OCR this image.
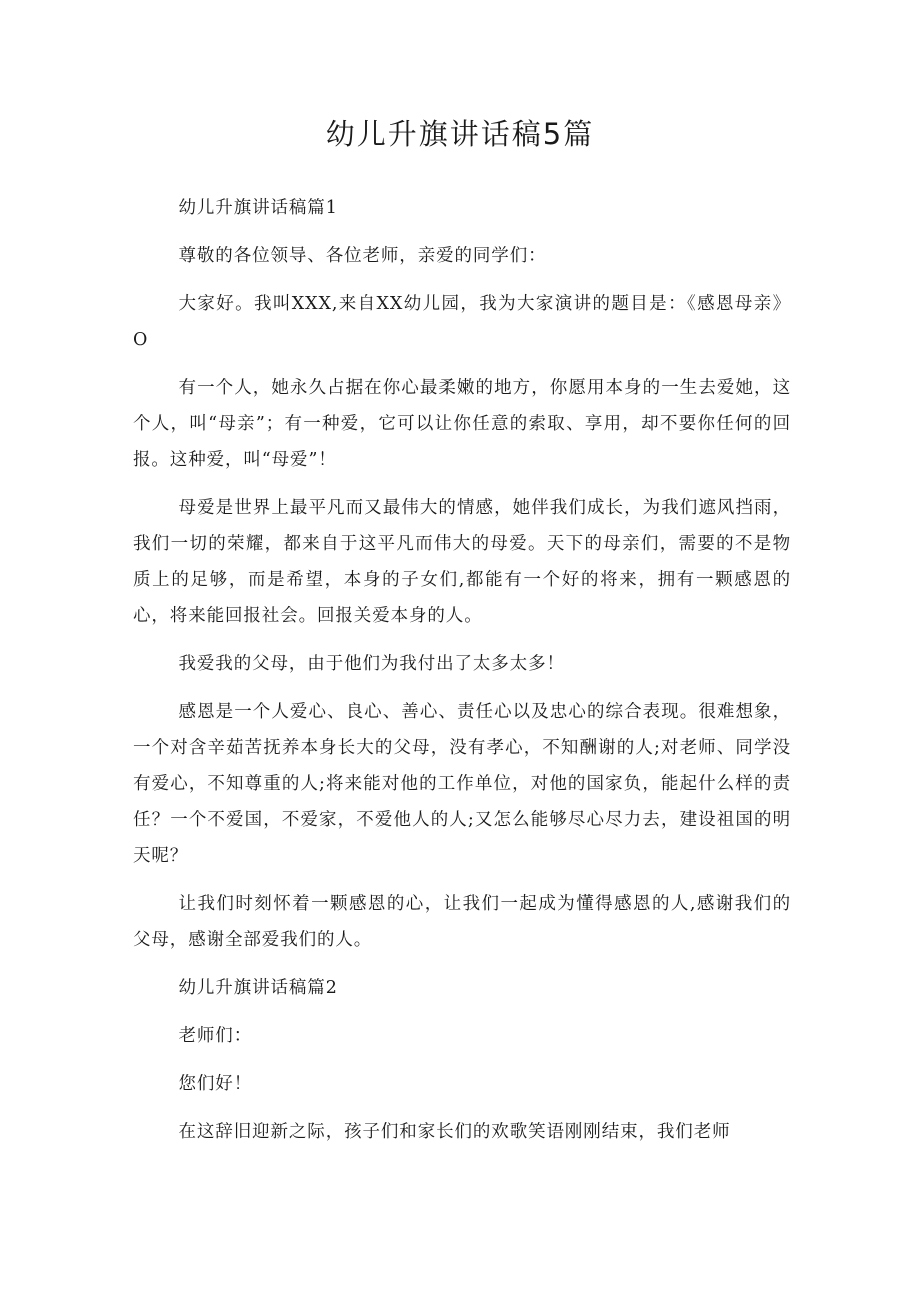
幼儿升旗讲话稿5篇

幼儿升旗讲话稿篇1

尊敬的各位领导、各位老师，亲爱的同学们：

大家好。我叫XXX,来自XX幼儿园，我为大家演讲的题目是：《感恩母亲》O

有一个人，她永久占据在你心最柔嫩的地方，你愿用本身的一生去爱她，这个人，叫“母亲”；有一种爱，它可以让你任意的索取、享用，却不要你任何的回报。这种爱，叫“母爱”！

母爱是世界上最平凡而又最伟大的情感，她伴我们成长，为我们遮风挡雨，我们一切的荣耀，都来自于这平凡而伟大的母爱。天下的母亲们，需要的不是物质上的足够，而是希望，本身的子女们,都能有一个好的将来，拥有一颗感恩的心，将来能回报社会。回报关爱本身的人。

我爱我的父母，由于他们为我付出了太多太多！

感恩是一个人爱心、良心、善心、责任心以及忠心的综合表现。很难想象，一个对含辛茹苦抚养本身长大的父母，没有孝心，不知酬谢的人;对老师、同学没有爱心，不知尊重的人;将来能对他的工作单位，对他的国家负，能起什么样的责任？一个不爱国，不爱家，不爱他人的人;又怎么能够尽心尽力去，建设祖国的明天呢？

让我们时刻怀着一颗感恩的心，让我们一起成为懂得感恩的人,感谢我们的父母，感谢全部爱我们的人。

幼儿升旗讲话稿篇2

老师们：

您们好！

在这辞旧迎新之际，孩子们和家长们的欢歌笑语刚刚结束，我们老师
